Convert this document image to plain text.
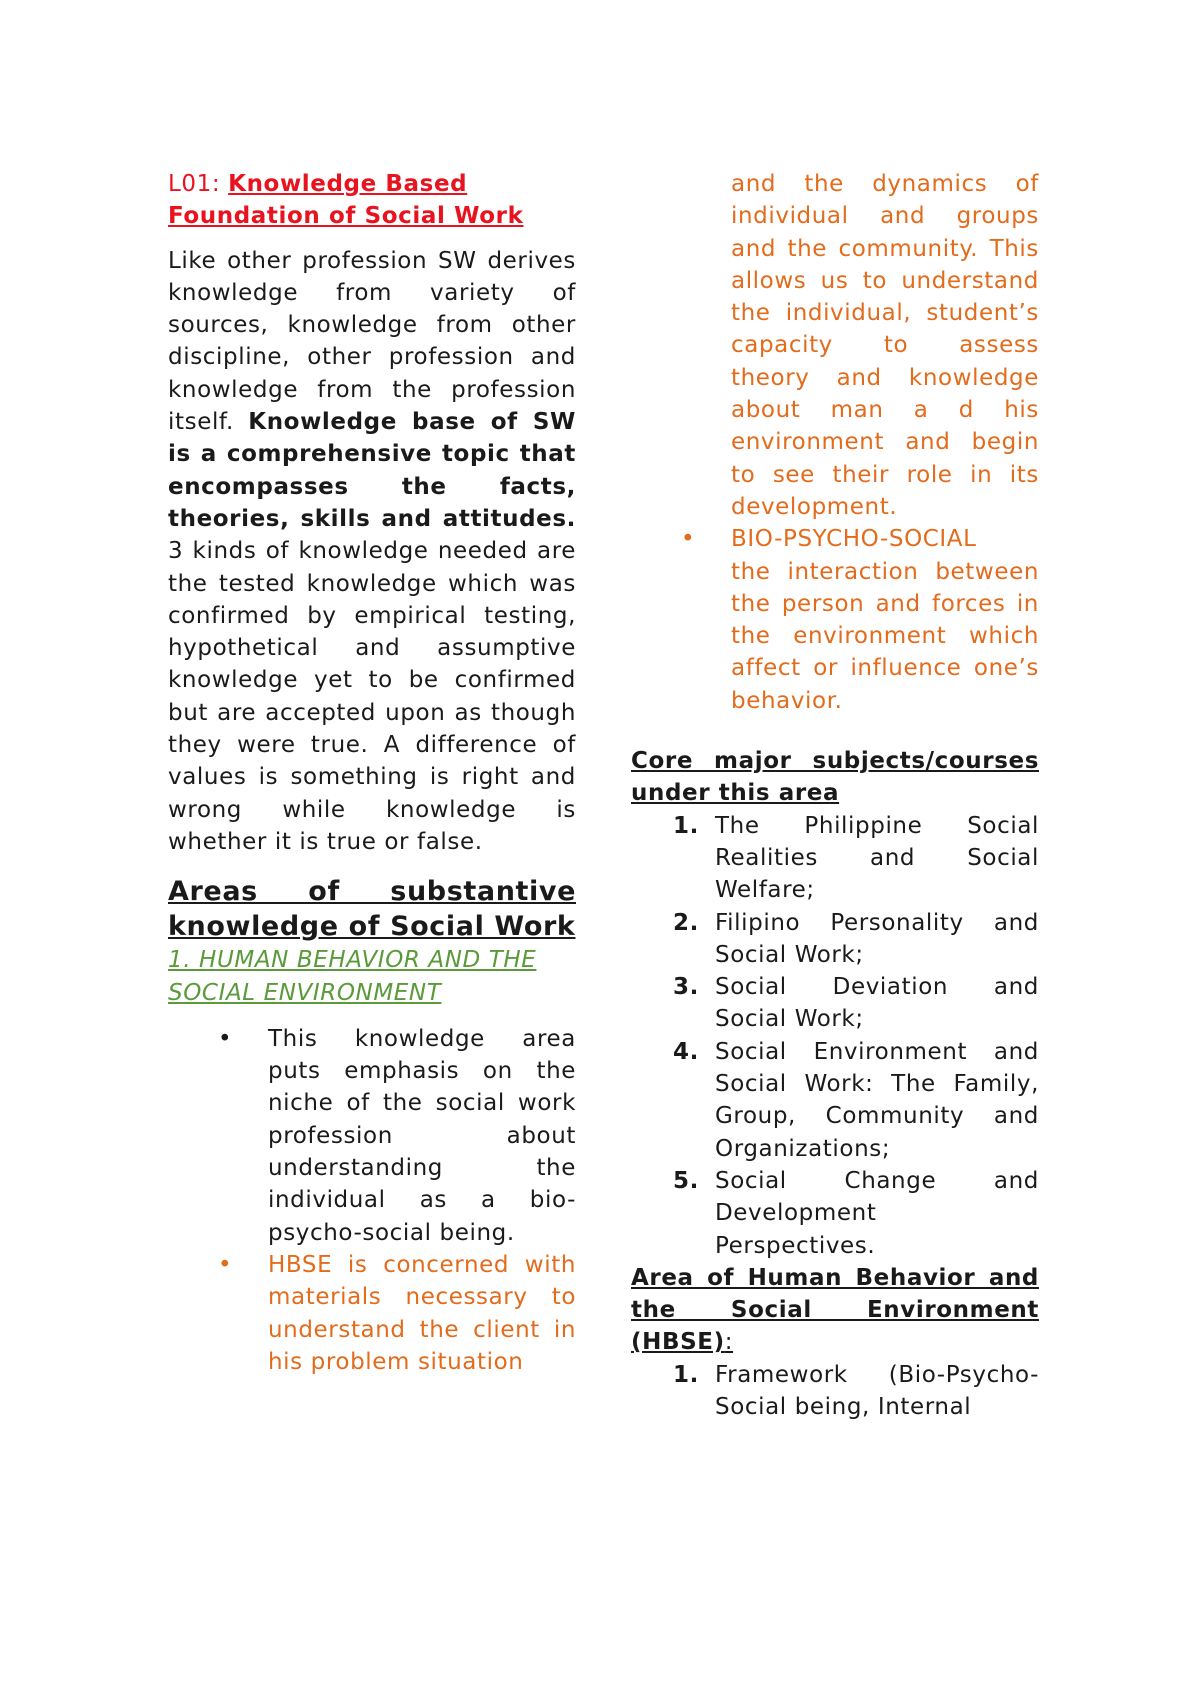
L01: Knowledge Based
Foundation of Social Work

Like other profession SW derives knowledge from variety of sources, knowledge from other discipline, other profession and knowledge from the profession itself. Knowledge base of SW is a comprehensive topic that encompasses the facts, theories, skills and attitudes. 3 kinds of knowledge needed are the tested knowledge which was confirmed by empirical testing, hypothetical and assumptive knowledge yet to be confirmed but are accepted upon as though they were true. A difference of values is something is right and wrong while knowledge is whether it is true or false.

Areas of substantive knowledge of Social Work

1. HUMAN BEHAVIOR AND THE SOCIAL ENVIRONMENT

• This knowledge area puts emphasis on the niche of the social work profession about understanding the individual as a bio-psycho-social being.
• HBSE is concerned with materials necessary to understand the client in his problem situation

and the dynamics of individual and groups and the community. This allows us to understand the individual, student’s capacity to assess theory and knowledge about man a d his environment and begin to see their role in its development.

• BIO-PSYCHO-SOCIAL
the interaction between the person and forces in the environment which affect or influence one’s behavior.

Core major subjects/courses under this area

1. The Philippine Social Realities and Social Welfare;
2. Filipino Personality and Social Work;
3. Social Deviation and Social Work;
4. Social Environment and Social Work: The Family, Group, Community and Organizations;
5. Social Change and Development Perspectives.

Area of Human Behavior and the Social Environment (HBSE):

1. Framework (Bio-Psycho-Social being, Internal
